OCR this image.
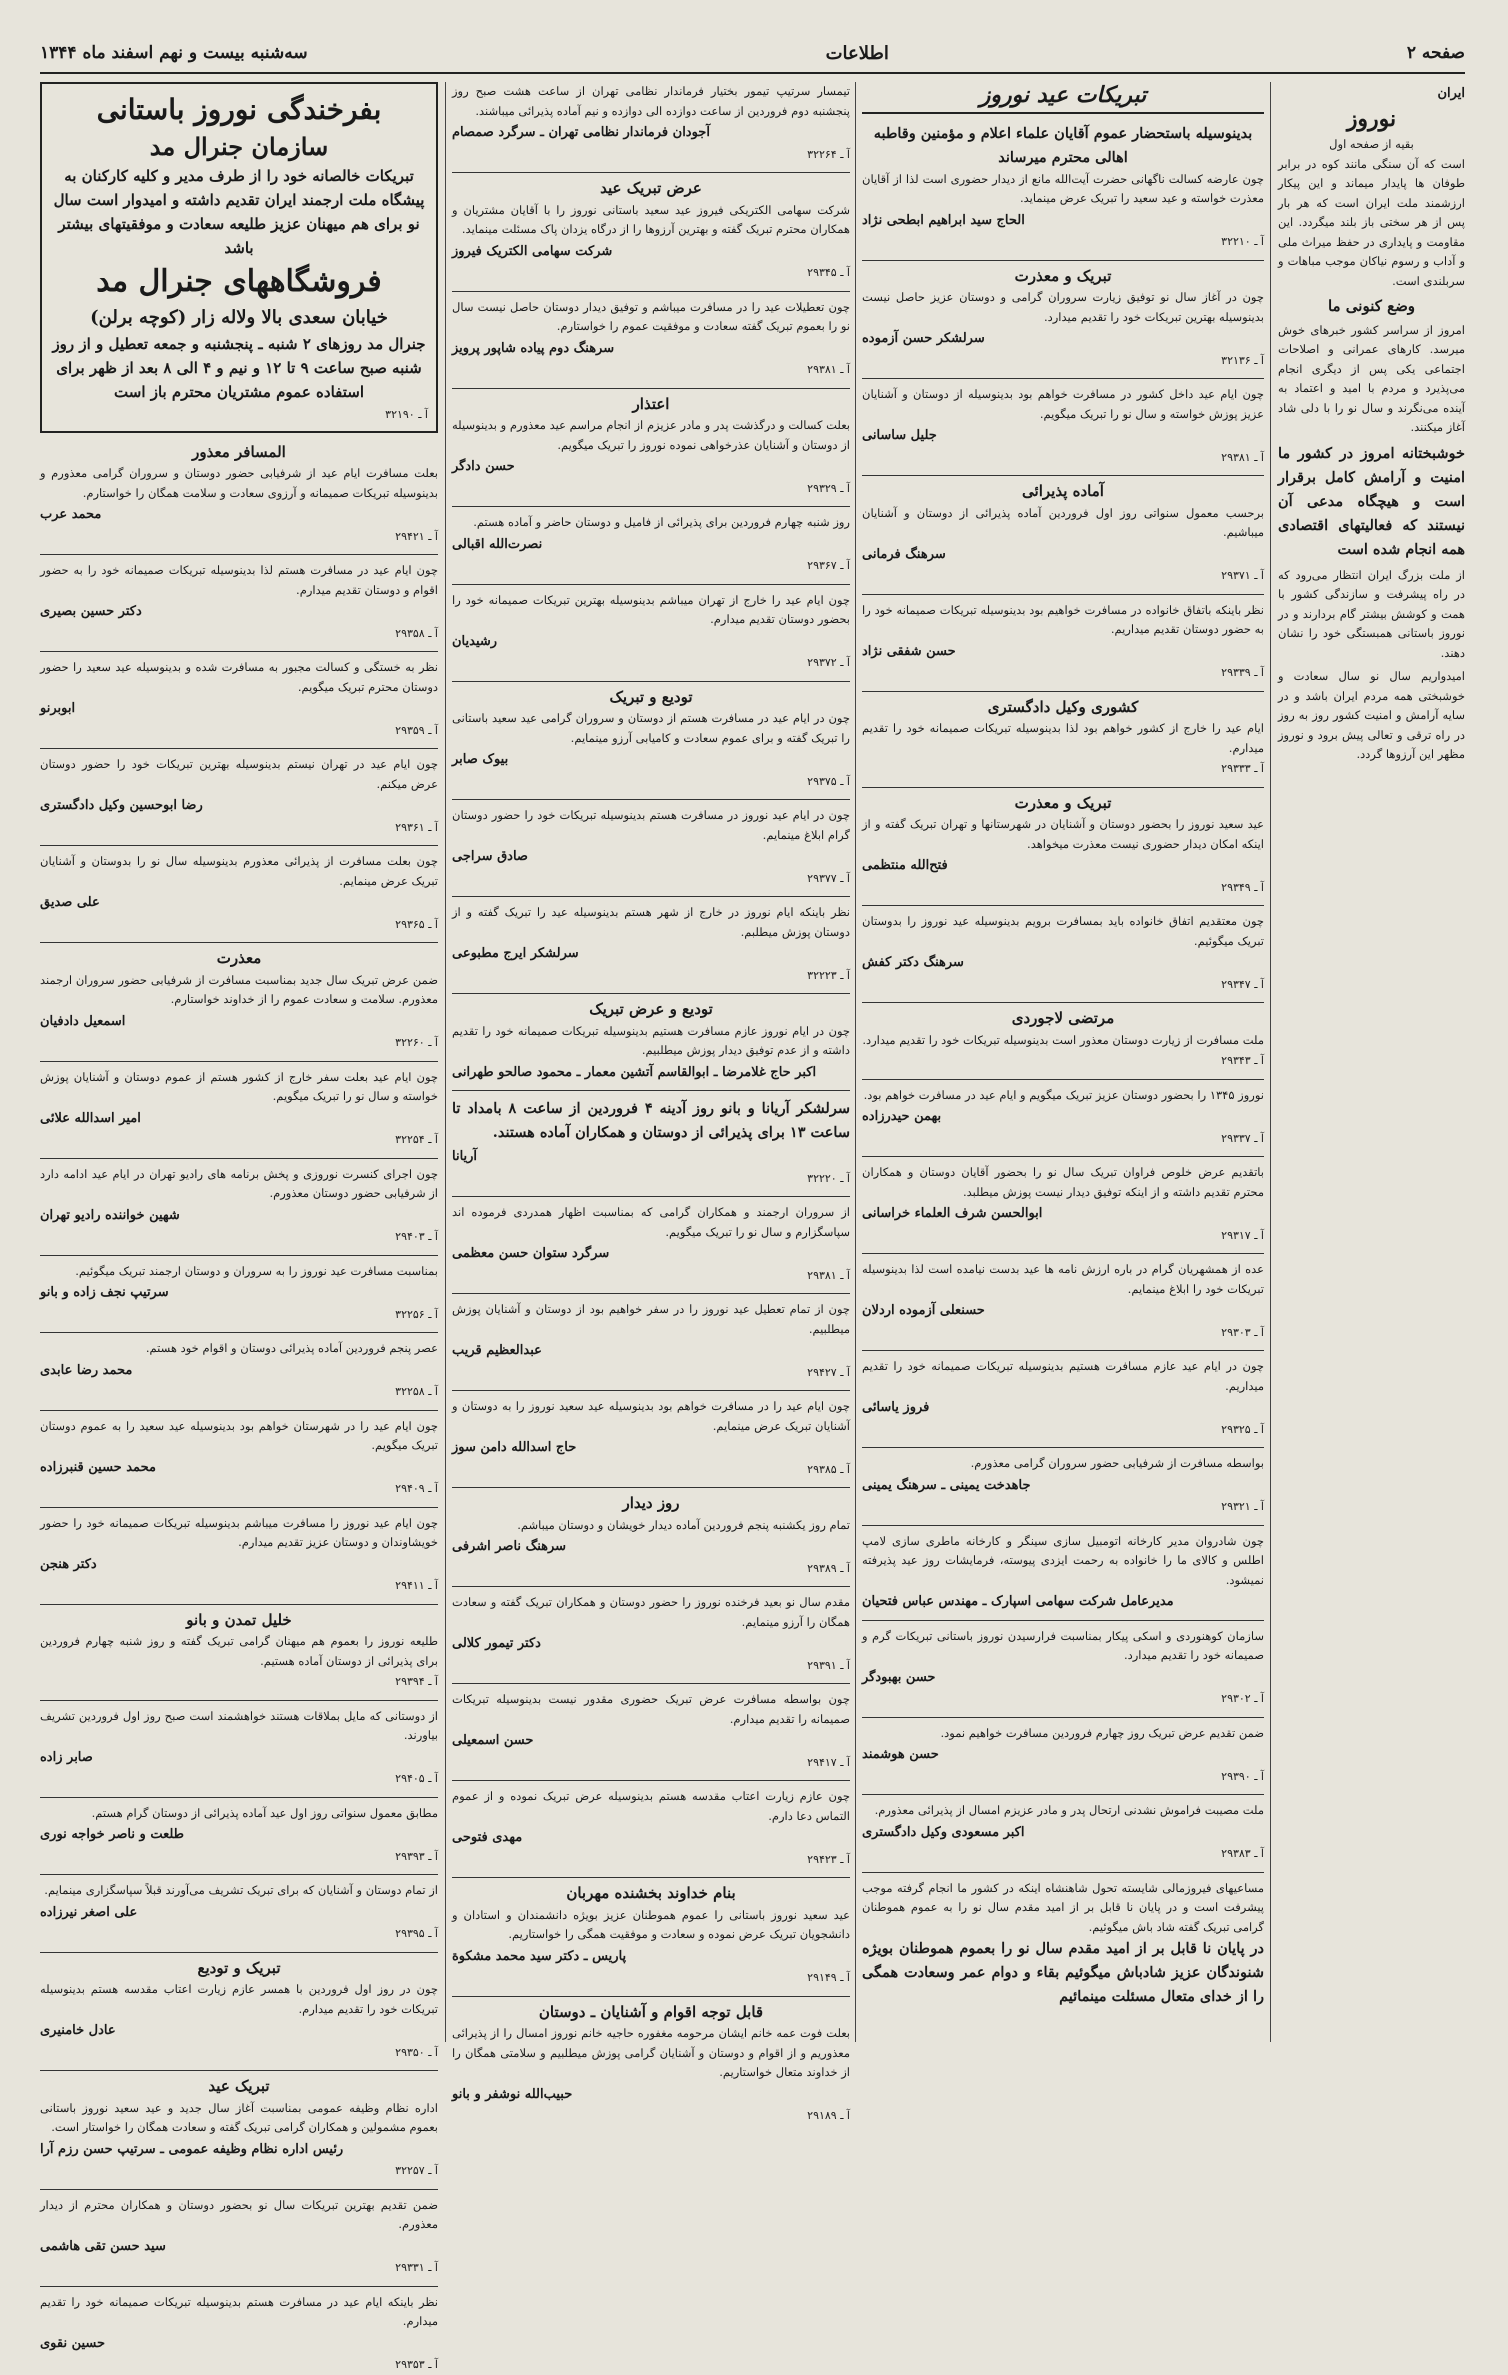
صفحه ۲
اطلاعات
سه‌شنبه بیست و نهم اسفند ماه ۱۳۴۴
ایران
نوروز
بقیه از صفحه اول

است که آن سنگی مانند کوه در برابر طوفان ها پایدار میماند و این پیکار ارزشمند ملت ایران است که هر بار پس از هر سختی باز بلند میگردد. این مقاومت و پایداری در حفظ میراث ملی و آداب و رسوم نیاکان موجب مباهات و سربلندی است.

وضع کنونی ما

امروز از سراسر کشور خبرهای خوش میرسد. کارهای عمرانی و اصلاحات اجتماعی یکی پس از دیگری انجام می‌پذیرد و مردم با امید و اعتماد به آینده می‌نگرند و سال نو را با دلی شاد آغاز میکنند.

خوشبختانه امروز در کشور ما امنیت و آرامش کامل برقرار است و هیچگاه مدعی آن نیستند که فعالیتهای اقتصادی همه انجام شده است

از ملت بزرگ ایران انتظار می‌رود که در راه پیشرفت و سازندگی کشور با همت و کوشش بیشتر گام بردارند و در نوروز باستانی همبستگی خود را نشان دهند.

امیدواریم سال نو سال سعادت و خوشبختی همه مردم ایران باشد و در سایه آرامش و امنیت کشور روز به روز در راه ترقی و تعالی پیش برود و نوروز مظهر این آرزوها گردد.

تبریکات عید نوروز
بدینوسیله باستحضار عموم آقایان علماء اعلام و مؤمنین وقاطبه اهالی محترم میرساند

چون عارضه کسالت ناگهانی حضرت آیت‌الله مانع از دیدار حضوری است لذا از آقایان معذرت خواسته و عید سعید را تبریک عرض مینماید.

الحاج سید ابراهیم ابطحی نژاد
آ ـ ۳۲۲۱۰
تبریک و معذرت

چون در آغاز سال نو توفیق زیارت سروران گرامی و دوستان عزیز حاصل نیست بدینوسیله بهترین تبریکات خود را تقدیم میدارد.

سرلشکر حسن آزموده
آ ـ ۳۲۱۳۶

چون ایام عید داخل کشور در مسافرت خواهم بود بدینوسیله از دوستان و آشنایان عزیز پوزش خواسته و سال نو را تبریک میگویم.

جلیل ساسانی
آ ـ ۲۹۳۸۱
آماده پذیرائی

برحسب معمول سنواتی روز اول فروردین آماده پذیرائی از دوستان و آشنایان میباشیم.

سرهنگ فرمانی
آ ـ ۲۹۳۷۱

نظر باینکه باتفاق خانواده در مسافرت خواهیم بود بدینوسیله تبریکات صمیمانه خود را به حضور دوستان تقدیم میداریم.

حسن شفقی نژاد
آ ـ ۲۹۳۳۹
کشوری وکیل دادگستری

ایام عید را خارج از کشور خواهم بود لذا بدینوسیله تبریکات صمیمانه خود را تقدیم میدارم.

آ ـ ۲۹۳۳۳
تبریک و معذرت

عید سعید نوروز را بحضور دوستان و آشنایان در شهرستانها و تهران تبریک گفته و از اینکه امکان دیدار حضوری نیست معذرت میخواهد.

فتح‌الله منتظمی
آ ـ ۲۹۳۴۹

چون معتقدیم اتفاق خانواده باید بمسافرت برویم بدینوسیله عید نوروز را بدوستان تبریک میگوئیم.

سرهنگ دکتر کفش
آ ـ ۲۹۳۴۷
مرتضی لاجوردی

ملت مسافرت از زیارت دوستان معذور است بدینوسیله تبریکات خود را تقدیم میدارد.

آ ـ ۲۹۳۴۳

نوروز ۱۳۴۵ را بحضور دوستان عزیز تبریک میگویم و ایام عید در مسافرت خواهم بود.

بهمن حیدرزاده
آ ـ ۲۹۳۳۷

باتقدیم عرض خلوص فراوان تبریک سال نو را بحضور آقایان دوستان و همکاران محترم تقدیم داشته و از اینکه توفیق دیدار نیست پوزش میطلبد.

ابوالحسن شرف العلماء خراسانی
آ ـ ۲۹۳۱۷

عده از همشهریان گرام در باره ارزش نامه ها عید بدست نیامده است لذا بدینوسیله تبریکات خود را ابلاغ مینمایم.

حسنعلی آزموده اردلان
آ ـ ۲۹۳۰۳

چون در ایام عید عازم مسافرت هستیم بدینوسیله تبریکات صمیمانه خود را تقدیم میداریم.

فروز یاسائی
آ ـ ۲۹۳۲۵

بواسطه مسافرت از شرفیابی حضور سروران گرامی معذورم.

جاهدخت یمینی ـ سرهنگ یمینی
آ ـ ۲۹۳۲۱

چون شادروان مدیر کارخانه اتومبیل سازی سینگر و کارخانه ماطری سازی لامپ اطلس و کالای ما را خانواده به رحمت ایزدی پیوسته، فرمایشات روز عید پذیرفته نمیشود.

مدیرعامل شرکت سهامی اسپارک ـ مهندس عباس فتحیان

سازمان کوهنوردی و اسکی پیکار بمناسبت فرارسیدن نوروز باستانی تبریکات گرم و صمیمانه خود را تقدیم میدارد.

حسن بهبودگر
آ ـ ۲۹۳۰۲

ضمن تقدیم عرض تبریک روز چهارم فروردین مسافرت خواهیم نمود.

حسن هوشمند
آ ـ ۲۹۳۹۰

ملت مصیبت فراموش نشدنی ارتحال پدر و مادر عزیزم امسال از پذیرائی معذورم.

اکبر مسعودی وکیل دادگستری
آ ـ ۲۹۳۸۳

مساعیهای فیروزمالی شایسته تحول شاهنشاه اینکه در کشور ما انجام گرفته موجب پیشرفت است و در پایان نا قابل بر از امید مقدم سال نو را به عموم هموطنان گرامی تبریک گفته شاد باش میگوئیم.

در پایان نا قابل بر از امید مقدم سال نو را بعموم هموطنان بویژه شنوندگان عزیز شادباش میگوئیم بقاء و دوام عمر وسعادت همگی را از خدای متعال مسئلت مینمائیم

تیمسار سرتیپ تیمور بختیار فرماندار نظامی تهران از ساعت هشت صبح روز پنجشنبه دوم فروردین از ساعت دوازده الی دوازده و نیم آماده پذیرائی میباشند.

آجودان فرماندار نظامی تهران ـ سرگرد صمصام
آ ـ ۳۲۲۶۴
عرض تبریک عید

شرکت سهامی الکتریکی فیروز عید سعید باستانی نوروز را با آقایان مشتریان و همکاران محترم تبریک گفته و بهترین آرزوها را از درگاه یزدان پاک مسئلت مینماید.

شرکت سهامی الکتریک فیروز
آ ـ ۲۹۳۴۵

چون تعطیلات عید را در مسافرت میباشم و توفیق دیدار دوستان حاصل نیست سال نو را بعموم تبریک گفته سعادت و موفقیت عموم را خواستارم.

سرهنگ دوم پیاده شاپور پرویز
آ ـ ۲۹۳۸۱
اعتذار

بعلت کسالت و درگذشت پدر و مادر عزیزم از انجام مراسم عید معذورم و بدینوسیله از دوستان و آشنایان عذرخواهی نموده نوروز را تبریک میگویم.

حسن دادگر
آ ـ ۲۹۳۲۹

روز شنبه چهارم فروردین برای پذیرائی از فامیل و دوستان حاضر و آماده هستم.

نصرت‌الله اقبالی
آ ـ ۲۹۳۶۷

چون ایام عید را خارج از تهران میباشم بدینوسیله بهترین تبریکات صمیمانه خود را بحضور دوستان تقدیم میدارم.

رشیدیان
آ ـ ۲۹۳۷۲
تودیع و تبریک

چون در ایام عید در مسافرت هستم از دوستان و سروران گرامی عید سعید باستانی را تبریک گفته و برای عموم سعادت و کامیابی آرزو مینمایم.

بیوک صابر
آ ـ ۲۹۳۷۵

چون در ایام عید نوروز در مسافرت هستم بدینوسیله تبریکات خود را حضور دوستان گرام ابلاغ مینمایم.

صادق سراجی
آ ـ ۲۹۳۷۷

نظر باینکه ایام نوروز در خارج از شهر هستم بدینوسیله عید را تبریک گفته و از دوستان پوزش میطلبم.

سرلشکر ایرج مطبوعی
آ ـ ۳۲۲۲۳
تودیع و عرض تبریک

چون در ایام نوروز عازم مسافرت هستیم بدینوسیله تبریکات صمیمانه خود را تقدیم داشته و از عدم توفیق دیدار پوزش میطلبیم.

اکبر حاج غلامرضا ـ ابوالقاسم آتشین معمار ـ محمود صالحو طهرانی

سرلشکر آریانا و بانو روز آدینه ۴ فروردین از ساعت ۸ بامداد تا ساعت ۱۳ برای پذیرائی از دوستان و همکاران آماده هستند.

آریانا
آ ـ ۳۲۲۲۰

از سروران ارجمند و همکاران گرامی که بمناسبت اظهار همدردی فرموده اند سپاسگزارم و سال نو را تبریک میگویم.

سرگرد ستوان حسن معظمی
آ ـ ۲۹۳۸۱

چون از تمام تعطیل عید نوروز را در سفر خواهیم بود از دوستان و آشنایان پوزش میطلبیم.

عبدالعظیم قریب
آ ـ ۲۹۴۲۷

چون ایام عید را در مسافرت خواهم بود بدینوسیله عید سعید نوروز را به دوستان و آشنایان تبریک عرض مینمایم.

حاج اسدالله دامن سوز
آ ـ ۲۹۳۸۵
روز دیدار

تمام روز یکشنبه پنجم فروردین آماده دیدار خویشان و دوستان میباشم.

سرهنگ ناصر اشرفی
آ ـ ۲۹۳۸۹

مقدم سال نو بعید فرخنده نوروز را حضور دوستان و همکاران تبریک گفته و سعادت همگان را آرزو مینمایم.

دکتر تیمور کلالی
آ ـ ۲۹۳۹۱

چون بواسطه مسافرت عرض تبریک حضوری مقدور نیست بدینوسیله تبریکات صمیمانه را تقدیم میدارم.

حسن اسمعیلی
آ ـ ۲۹۴۱۷

چون عازم زیارت اعتاب مقدسه هستم بدینوسیله عرض تبریک نموده و از عموم التماس دعا دارم.

مهدی فتوحی
آ ـ ۲۹۴۲۳
بنام خداوند بخشنده مهربان

عید سعید نوروز باستانی را عموم هموطنان عزیز بویژه دانشمندان و استادان و دانشجویان تبریک عرض نموده و سعادت و موفقیت همگی را خواستاریم.

پاریس ـ دکتر سید محمد مشکوة
آ ـ ۲۹۱۴۹
قابل توجه اقوام و آشنایان ـ دوستان

بعلت فوت عمه خانم ایشان مرحومه مغفوره حاجیه خانم نوروز امسال را از پذیرائی معذوریم و از اقوام و دوستان و آشنایان گرامی پوزش میطلبیم و سلامتی همگان را از خداوند متعال خواستاریم.

حبیب‌الله نوشفر و بانو
آ ـ ۲۹۱۸۹
بفرخندگی نوروز باستانی
سازمان جنرال مد
تبریکات خالصانه خود را از طرف مدیر و کلیه کارکنان به پیشگاه ملت ارجمند ایران تقدیم داشته و امیدوار است سال نو برای هم میهنان عزیز طلیعه سعادت و موفقیتهای بیشتر باشد
فروشگاههای جنرال مد
خیابان سعدی بالا ولاله زار (کوچه برلن)
جنرال مد روزهای ۲ شنبه ـ پنجشنبه و جمعه تعطیل و از روز شنبه صبح ساعت ۹ تا ۱۲ و نیم و ۴ الی ۸ بعد از ظهر برای استفاده عموم مشتریان محترم باز است
آ ـ ۳۲۱۹۰
المسافر معذور

بعلت مسافرت ایام عید از شرفیابی حضور دوستان و سروران گرامی معذورم و بدینوسیله تبریکات صمیمانه و آرزوی سعادت و سلامت همگان را خواستارم.

محمد عرب
آ ـ ۲۹۴۲۱

چون ایام عید در مسافرت هستم لذا بدینوسیله تبریکات صمیمانه خود را به حضور اقوام و دوستان تقدیم میدارم.

دکتر حسین بصیری
آ ـ ۲۹۳۵۸

نظر به خستگی و کسالت مجبور به مسافرت شده و بدینوسیله عید سعید را حضور دوستان محترم تبریک میگویم.

ابوبرنو
آ ـ ۲۹۳۵۹

چون ایام عید در تهران نیستم بدینوسیله بهترین تبریکات خود را حضور دوستان عرض میکنم.

رضا ابوحسین وکیل دادگستری
آ ـ ۲۹۳۶۱

چون بعلت مسافرت از پذیرائی معذورم بدینوسیله سال نو را بدوستان و آشنایان تبریک عرض مینمایم.

علی صدیق
آ ـ ۲۹۳۶۵
معذرت

ضمن عرض تبریک سال جدید بمناسبت مسافرت از شرفیابی حضور سروران ارجمند معذورم. سلامت و سعادت عموم را از خداوند خواستارم.

اسمعیل دادفیان
آ ـ ۳۲۲۶۰

چون ایام عید بعلت سفر خارج از کشور هستم از عموم دوستان و آشنایان پوزش خواسته و سال نو را تبریک میگویم.

امیر اسدالله علائی
آ ـ ۳۲۲۵۴

چون اجرای کنسرت نوروزی و پخش برنامه های رادیو تهران در ایام عید ادامه دارد از شرفیابی حضور دوستان معذورم.

شهین خواننده رادیو تهران
آ ـ ۲۹۴۰۳

بمناسبت مسافرت عید نوروز را به سروران و دوستان ارجمند تبریک میگوئیم.

سرتیپ نجف زاده و بانو
آ ـ ۳۲۲۵۶

عصر پنجم فروردین آماده پذیرائی دوستان و اقوام خود هستم.

محمد رضا عابدی
آ ـ ۳۲۲۵۸

چون ایام عید را در شهرستان خواهم بود بدینوسیله عید سعید را به عموم دوستان تبریک میگویم.

محمد حسین قنبرزاده
آ ـ ۲۹۴۰۹

چون ایام عید نوروز را مسافرت میباشم بدینوسیله تبریکات صمیمانه خود را حضور خویشاوندان و دوستان عزیز تقدیم میدارم.

دکتر هنجن
آ ـ ۲۹۴۱۱
خلیل تمدن و بانو

طلیعه نوروز را بعموم هم میهنان گرامی تبریک گفته و روز شنبه چهارم فروردین برای پذیرائی از دوستان آماده هستیم.

آ ـ ۲۹۳۹۴

از دوستانی که مایل بملاقات هستند خواهشمند است صبح روز اول فروردین تشریف بیاورند.

صابر زاده
آ ـ ۲۹۴۰۵

مطابق معمول سنواتی روز اول عید آماده پذیرائی از دوستان گرام هستم.

طلعت و ناصر خواجه نوری
آ ـ ۲۹۳۹۳

از تمام دوستان و آشنایان که برای تبریک تشریف می‌آورند قبلاً سپاسگزاری مینمایم.

علی اصغر نیرزاده
آ ـ ۲۹۳۹۵
تبریک و تودیع

چون در روز اول فروردین با همسر عازم زیارت اعتاب مقدسه هستم بدینوسیله تبریکات خود را تقدیم میدارم.

عادل خامنیری
آ ـ ۲۹۳۵۰
تبریک عید

اداره نظام وظیفه عمومی بمناسبت آغاز سال جدید و عید سعید نوروز باستانی بعموم مشمولین و همکاران گرامی تبریک گفته و سعادت همگان را خواستار است.

رئیس اداره نظام وظیفه عمومی ـ سرتیپ حسن رزم آرا
آ ـ ۳۲۲۵۷

ضمن تقدیم بهترین تبریکات سال نو بحضور دوستان و همکاران محترم از دیدار معذورم.

سید حسن تقی هاشمی
آ ـ ۲۹۳۳۱

نظر باینکه ایام عید در مسافرت هستم بدینوسیله تبریکات صمیمانه خود را تقدیم میدارم.

حسین نقوی
آ ـ ۲۹۳۵۳
